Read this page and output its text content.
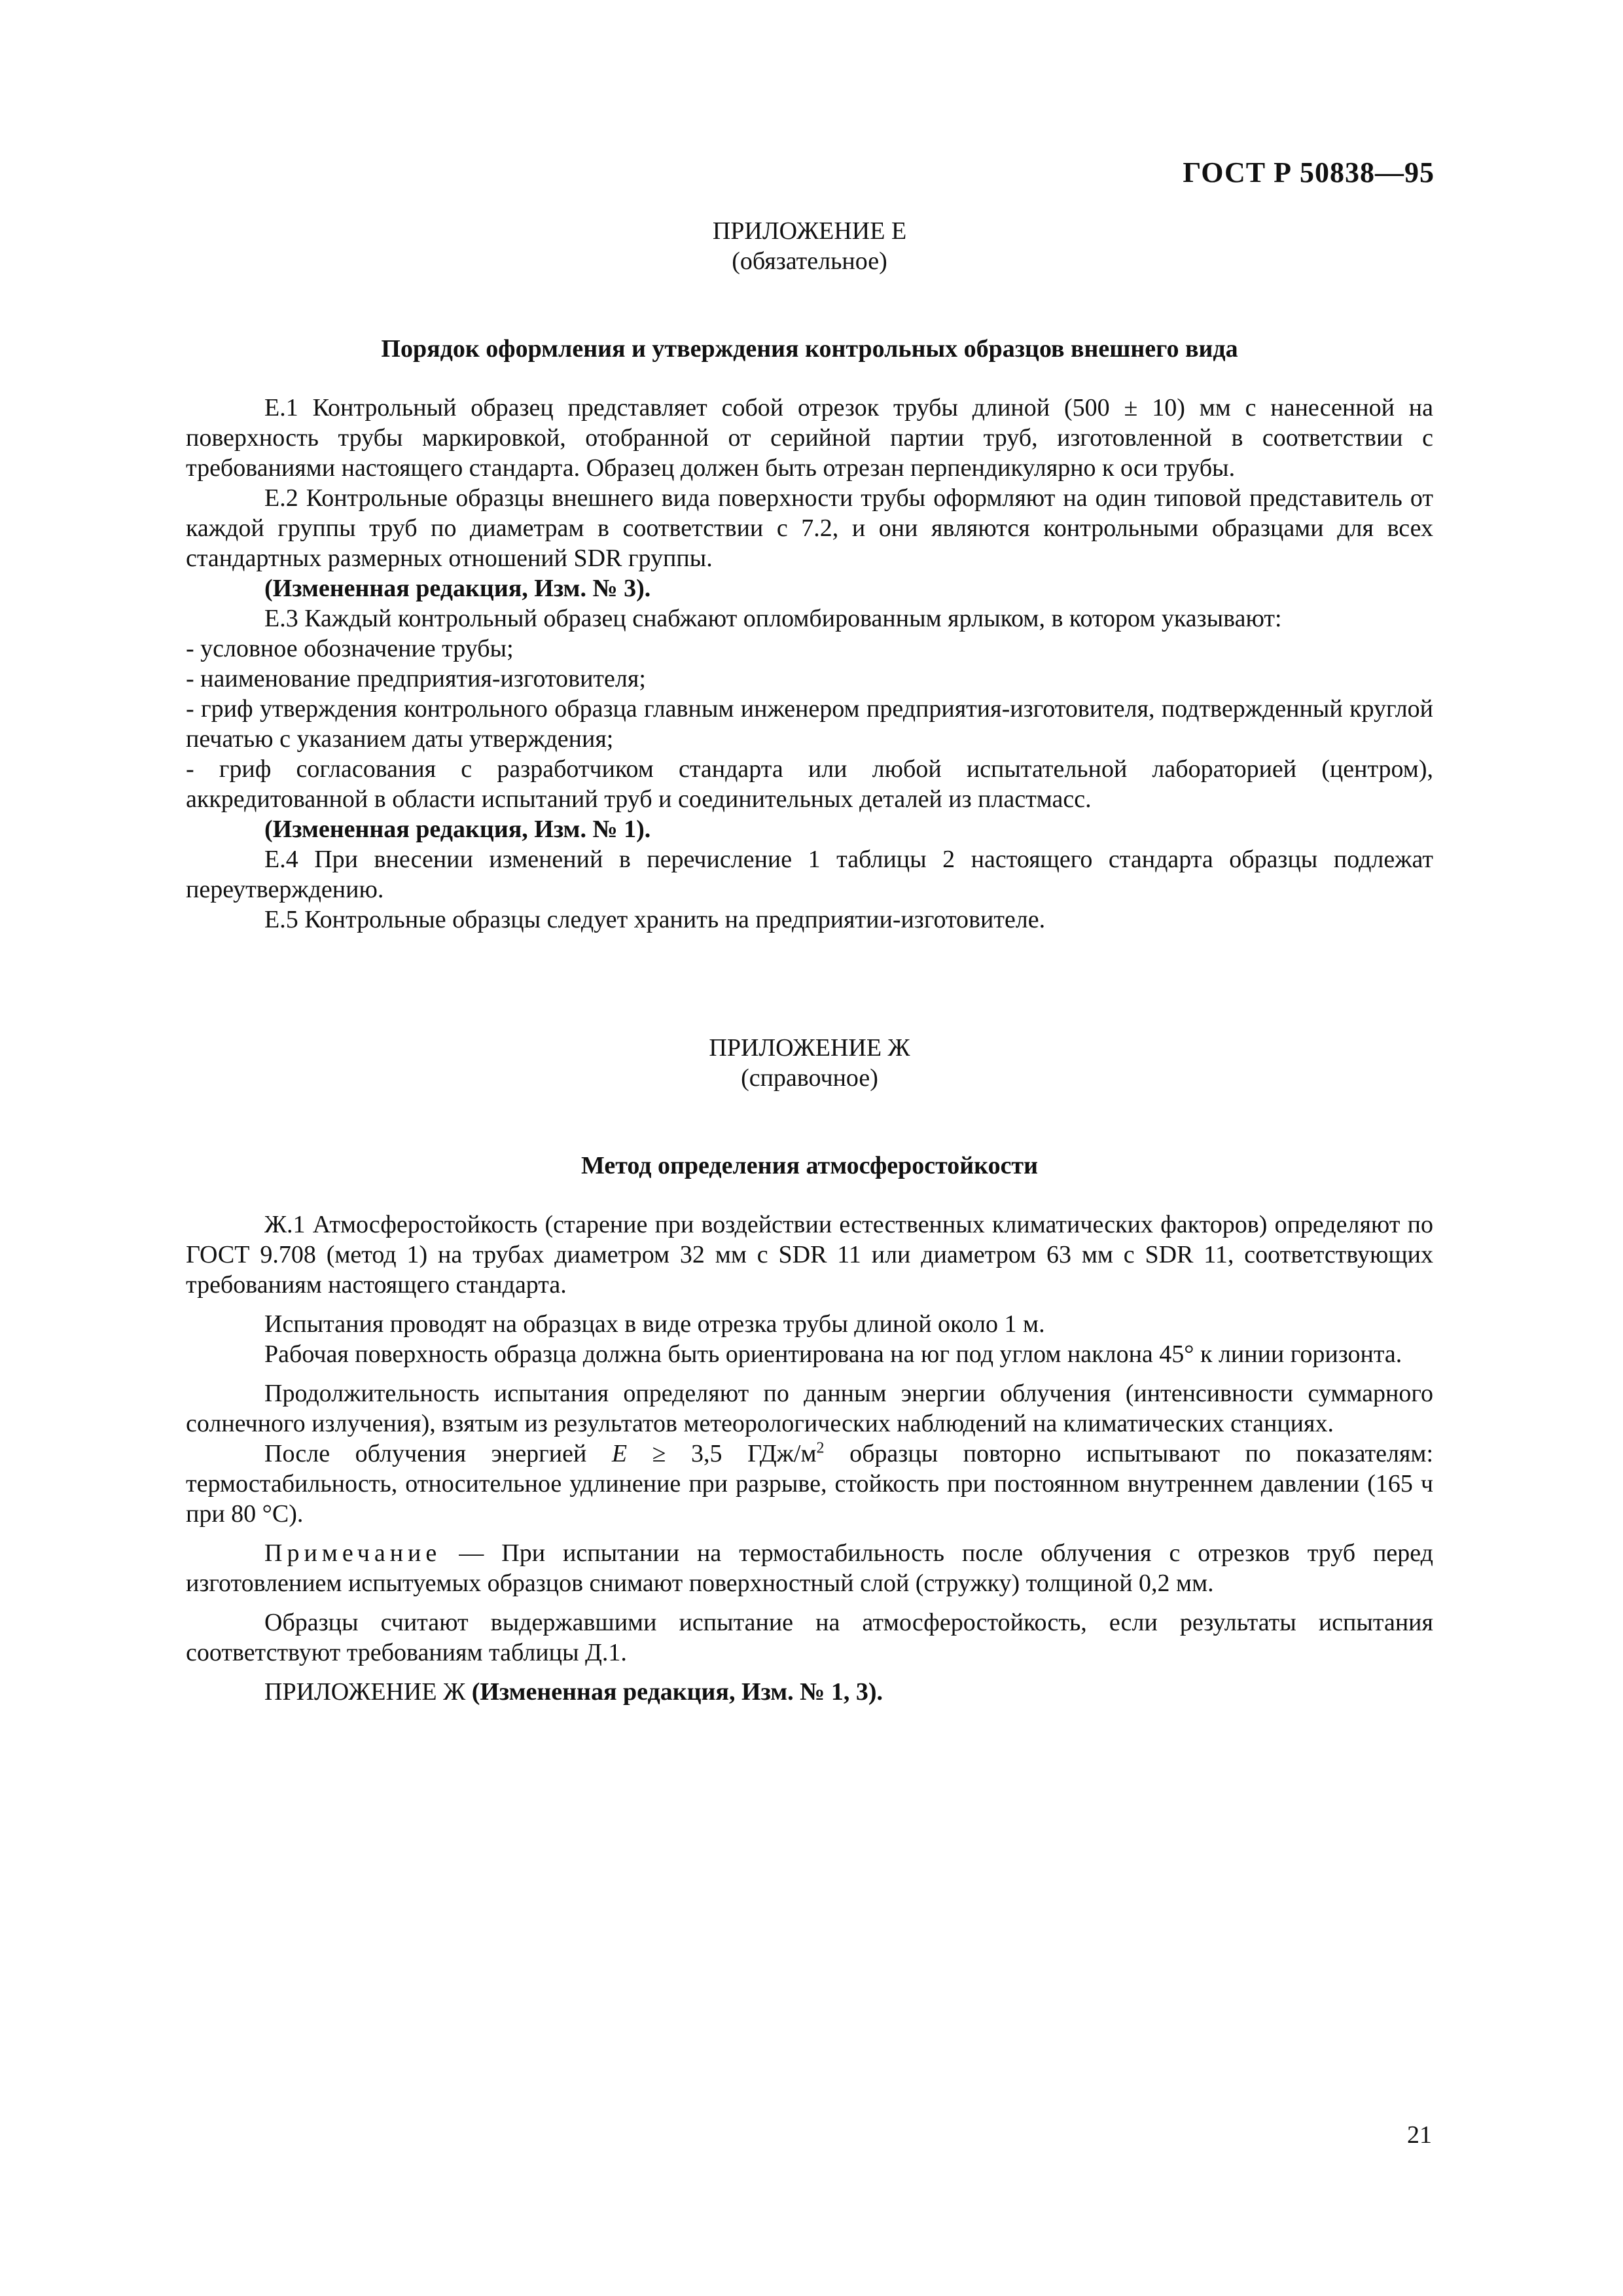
ГОСТ Р 50838—95
ПРИЛОЖЕНИЕ Е
(обязательное)
Порядок оформления и утверждения контрольных образцов внешнего вида

Е.1 Контрольный образец представляет собой отрезок трубы длиной (500 ± 10) мм с нанесенной на поверхность трубы маркировкой, отобранной от серийной партии труб, изготовленной в соответствии с требованиями настоящего стандарта. Образец должен быть отрезан перпендикулярно к оси трубы.

Е.2 Контрольные образцы внешнего вида поверхности трубы оформляют на один типовой представитель от каждой группы труб по диаметрам в соответствии с 7.2, и они являются контрольными образцами для всех стандартных размерных отношений SDR группы.

(Измененная редакция, Изм. № 3).

Е.3 Каждый контрольный образец снабжают опломбированным ярлыком, в котором указывают:

- условное обозначение трубы;

- наименование предприятия-изготовителя;

- гриф утверждения контрольного образца главным инженером предприятия-изготовителя, подтвержденный круглой печатью с указанием даты утверждения;

- гриф согласования с разработчиком стандарта или любой испытательной лабораторией (центром), аккредитованной в области испытаний труб и соединительных деталей из пластмасс.

(Измененная редакция, Изм. № 1).

Е.4 При внесении изменений в перечисление 1 таблицы 2 настоящего стандарта образцы подлежат переутверждению.

Е.5 Контрольные образцы следует хранить на предприятии-изготовителе.

ПРИЛОЖЕНИЕ Ж
(справочное)
Метод определения атмосферостойкости

Ж.1 Атмосферостойкость (старение при воздействии естественных климатических факторов) определяют по ГОСТ 9.708 (метод 1) на трубах диаметром 32 мм с SDR 11 или диаметром 63 мм с SDR 11, соответствующих требованиям настоящего стандарта.

Испытания проводят на образцах в виде отрезка трубы длиной около 1 м.

Рабочая поверхность образца должна быть ориентирована на юг под углом наклона 45° к линии горизонта.

Продолжительность испытания определяют по данным энергии облучения (интенсивности суммарного солнечного излучения), взятым из результатов метеорологических наблюдений на климатических станциях.

После облучения энергией E ≥ 3,5 ГДж/$м^2$ образцы повторно испытывают по показателям: термостабильность, относительное удлинение при разрыве, стойкость при постоянном внутреннем давлении (165 ч при 80 °С).

Примечание — При испытании на термостабильность после облучения с отрезков труб перед изготовлением испытуемых образцов снимают поверхностный слой (стружку) толщиной 0,2 мм.

Образцы считают выдержавшими испытание на атмосферостойкость, если результаты испытания соответствуют требованиям таблицы Д.1.

ПРИЛОЖЕНИЕ Ж (Измененная редакция, Изм. № 1, 3).

21
